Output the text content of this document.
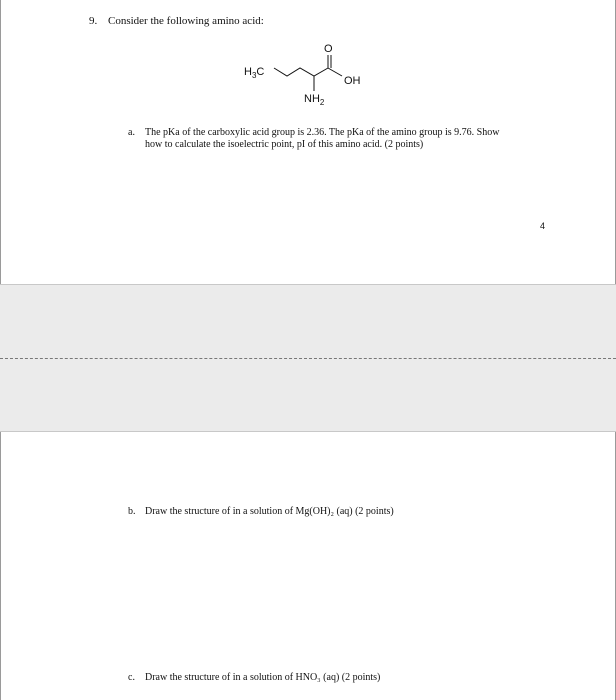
9. Consider the following amino acid:
$H_3C$
O
OH
$NH_2$
a. The pKa of the carboxylic acid group is 2.36. The pKa of the amino group is 9.76. Show
how to calculate the isoelectric point, pI of this amino acid. (2 points)
4
b. Draw the structure of in a solution of Mg(OH)₂ (aq) (2 points)
c. Draw the structure of in a solution of HNO₃ (aq) (2 points)
